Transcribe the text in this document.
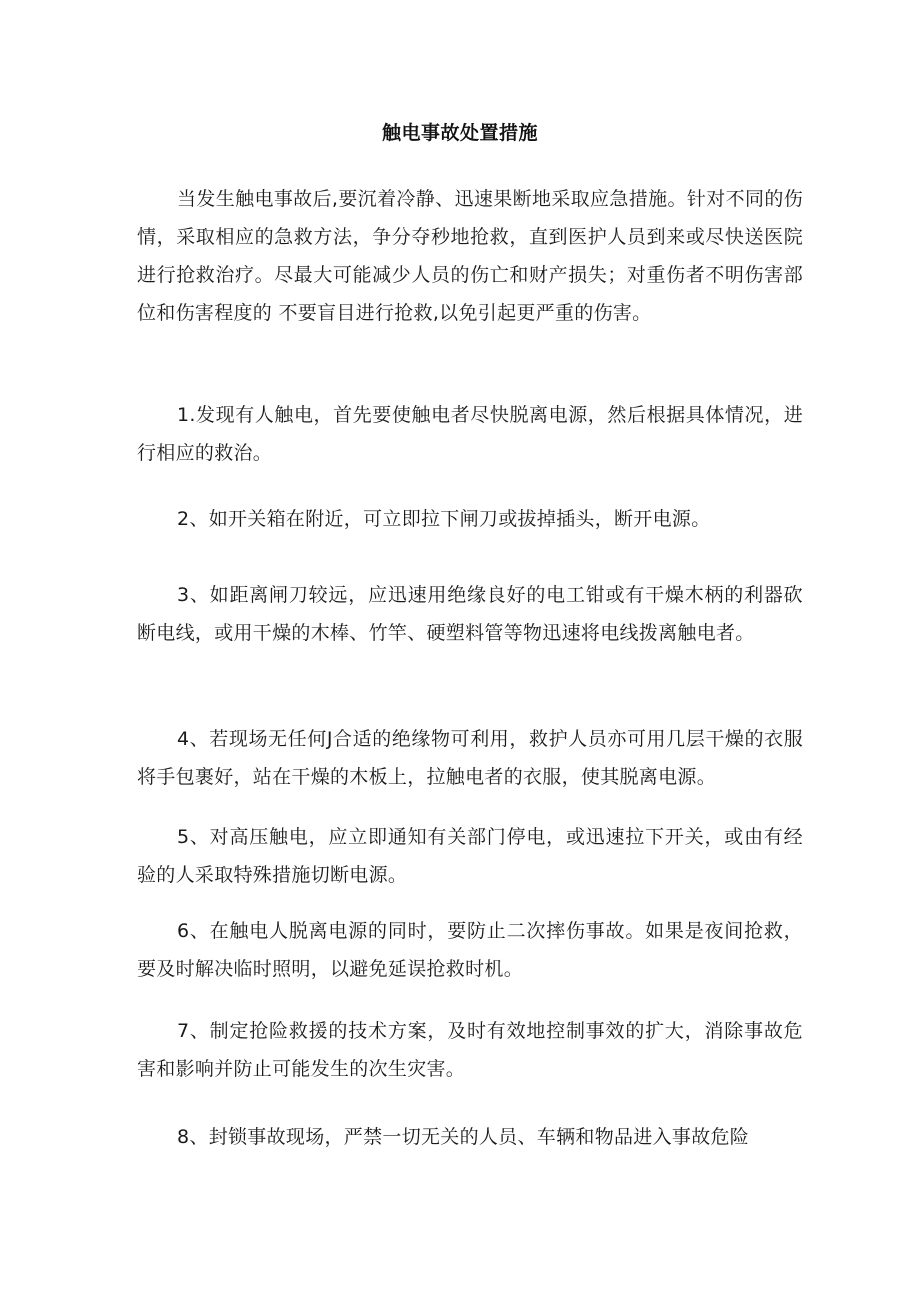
触电事故处置措施

当发生触电事故后,要沉着冷静、迅速果断地采取应急措施。针对不同的伤情，采取相应的急救方法，争分夺秒地抢救，直到医护人员到来或尽快送医院进行抢救治疗。尽最大可能减少人员的伤亡和财产损失；对重伤者不明伤害部位和伤害程度的 不要盲目进行抢救,以免引起更严重的伤害。

1.发现有人触电，首先要使触电者尽快脱离电源，然后根据具体情况，进行相应的救治。

2、如开关箱在附近，可立即拉下闸刀或拔掉插头，断开电源。

3、如距离闸刀较远，应迅速用绝缘良好的电工钳或有干燥木柄的利器砍断电线，或用干燥的木棒、竹竿、硬塑料管等物迅速将电线拨离触电者。

4、若现场无任何J合适的绝缘物可利用，救护人员亦可用几层干燥的衣服将手包裹好，站在干燥的木板上，拉触电者的衣服，使其脱离电源。

5、对高压触电，应立即通知有关部门停电，或迅速拉下开关，或由有经验的人采取特殊措施切断电源。

6、在触电人脱离电源的同时，要防止二次摔伤事故。如果是夜间抢救，要及时解决临时照明，以避免延误抢救时机。

7、制定抢险救援的技术方案，及时有效地控制事效的扩大，消除事故危害和影响并防止可能发生的次生灾害。

8、封锁事故现场，严禁一切无关的人员、车辆和物品进入事故危险
